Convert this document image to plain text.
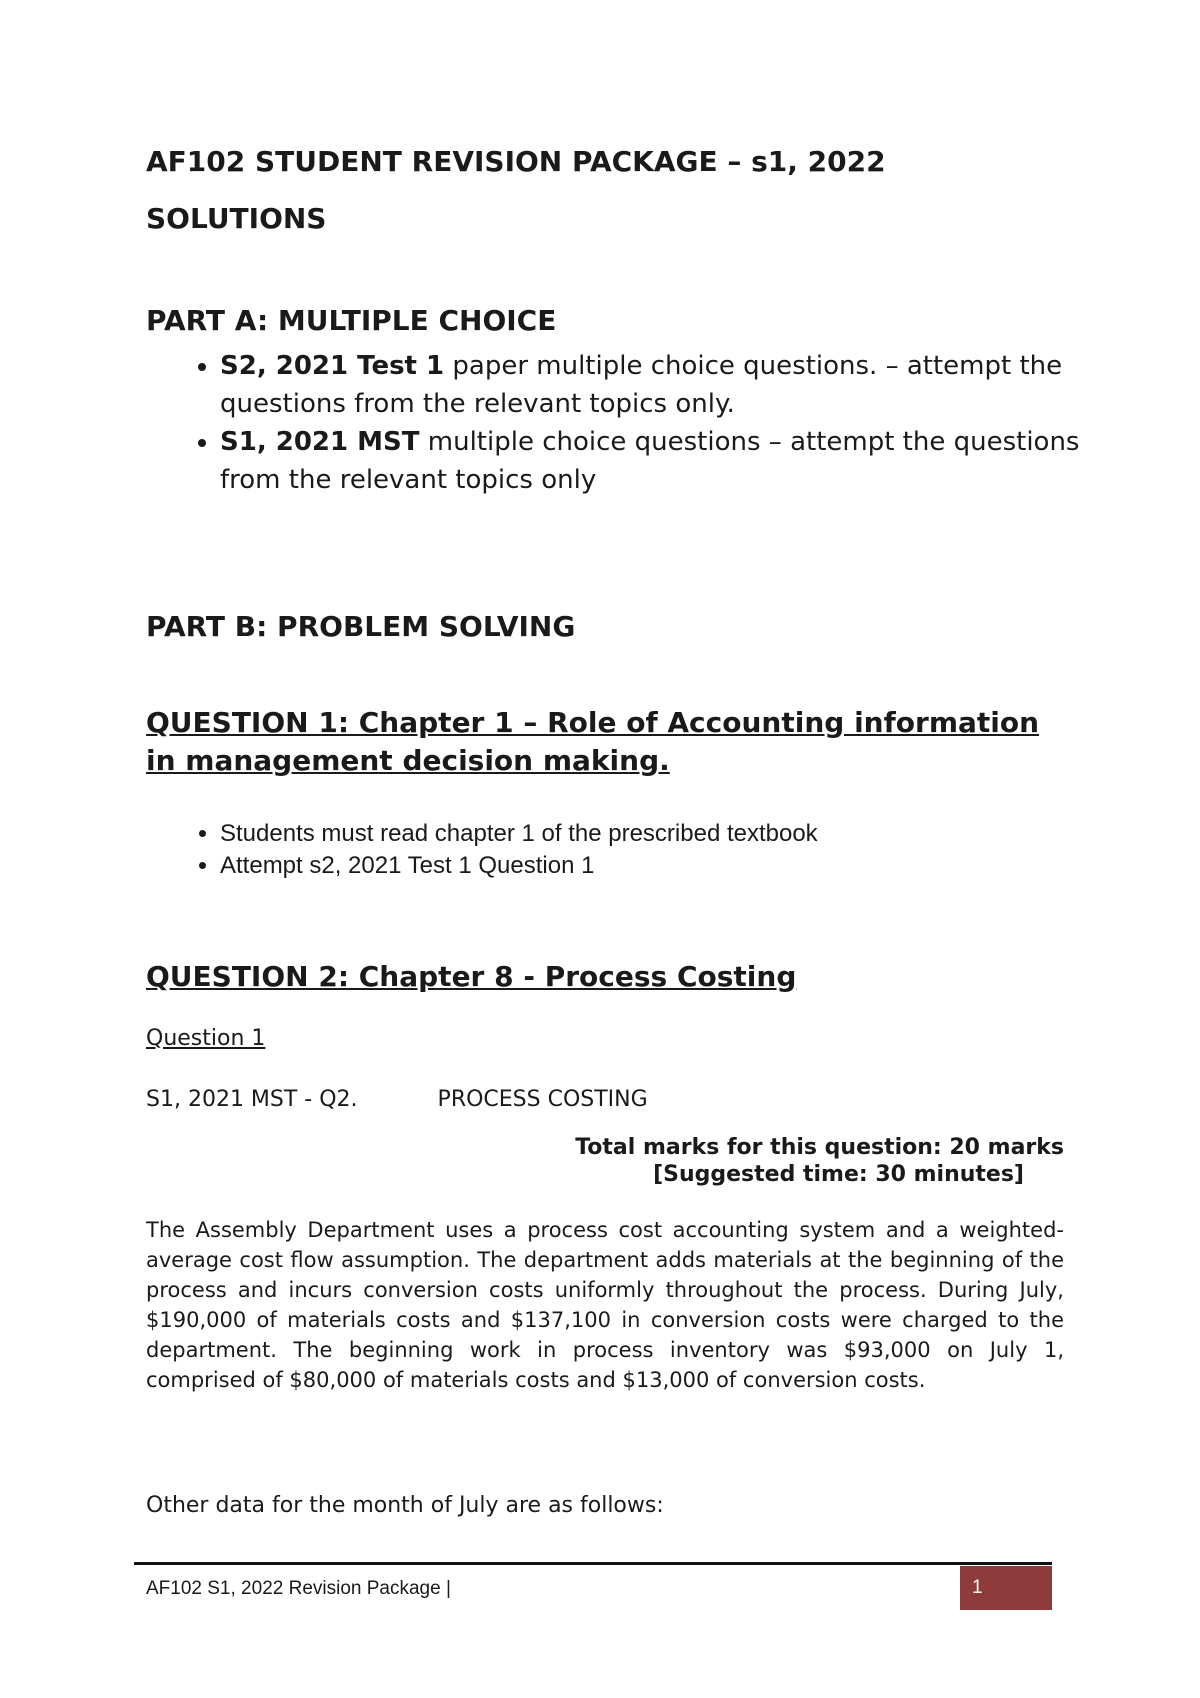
AF102 STUDENT REVISION PACKAGE – s1, 2022
SOLUTIONS
PART A: MULTIPLE CHOICE
• S2, 2021 Test 1 paper multiple choice questions. – attempt the questions from the relevant topics only.
• S1, 2021 MST multiple choice questions – attempt the questions from the relevant topics only
PART B: PROBLEM SOLVING
QUESTION 1: Chapter 1 – Role of Accounting information in management decision making.
• Students must read chapter 1 of the prescribed textbook
• Attempt s2, 2021 Test 1 Question 1
QUESTION 2: Chapter 8 - Process Costing
Question 1
S1, 2021 MST - Q2.	PROCESS COSTING
Total marks for this question: 20 marks
[Suggested time: 30 minutes]
The Assembly Department uses a process cost accounting system and a weighted-average cost flow assumption. The department adds materials at the beginning of the process and incurs conversion costs uniformly throughout the process. During July, $190,000 of materials costs and $137,100 in conversion costs were charged to the department. The beginning work in process inventory was $93,000 on July 1, comprised of $80,000 of materials costs and $13,000 of conversion costs.
Other data for the month of July are as follows:
AF102 S1, 2022 Revision Package |	1
